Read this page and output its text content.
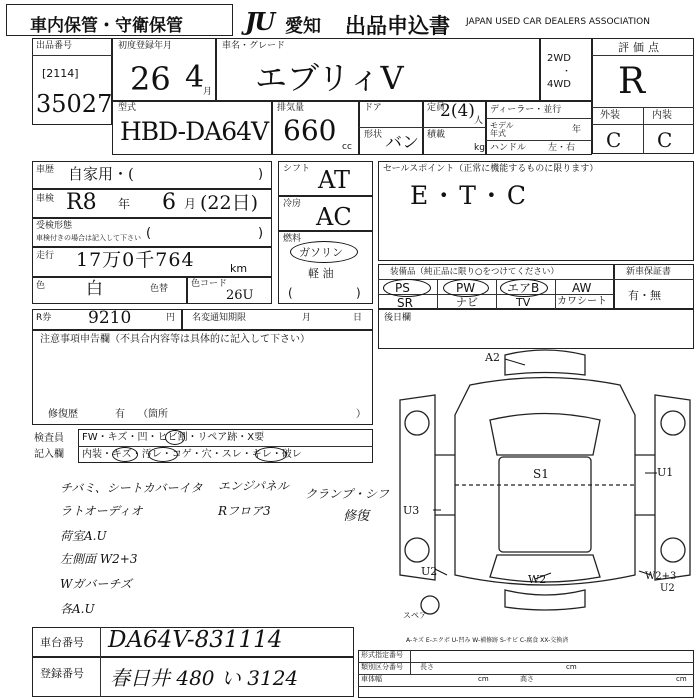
車内保管・守衛保管	JU 愛知 出品申込書 JAPAN USED CAR DEALERS ASSOCIATION
出品番号
[2114]
35027
初度登録年月
26 4
月
車名・グレード
エブリィV
2WD
・
4WD
評価点
R
外装	内装
C C
型式
HBD-DA64V
排気量
660 cc
ドア
形状 バン
定員
2(4) 人
積載
kg
ディーラー・並行
モデル年式	年
ハンドル 左・右
車歴 自家用・(	)
車検 R8 年 6 月 (22日)
受検形態
車検付きの場合は記入して下さい (	)
走行 17万0千764	km
色 白	色替	色コード
26U
シフト AT
冷房 AC
燃料
ガソリン
軽 油
(	)
セールスポイント（正常に機能するものに限ります）
E・T・C
装備品（純正品に限り○をつけてください）
PS	PW	エアB	AW
SR	ナビ	TV	カワシート
新車保証書
有・無
R券 9210	円 名変通知期限	月	日
注意事項申告欄（不具合内容等は具体的に記入して下さい）
修復歴	有 （箇所	）
後日欄
検査員
記入欄
FW・キズ・凹・ヒビ割・リペア跡・X要
内装・キズ・汚レ・コゲ・穴・スレ・キレ・破レ
チバミ、シートカバーイタ エンジパネル
クランプ・シフ
ラトオーディオ	Rフロア3	修復
荷室A.U
左側面 W2+3
Wガバーチズ
各A.U
A2
S1	U1
U3
U2
W2	W2+3
U2
スペア
A-キズ E-エクボ U-凹み W-補修跡 S-サビ C-腐食 XX-交換済
車台番号 DA64V-831114
登録番号 春日井 480 い 3124
形式指定番号
類別区分番号 長さ	cm
車体幅	cm	高さ	cm
